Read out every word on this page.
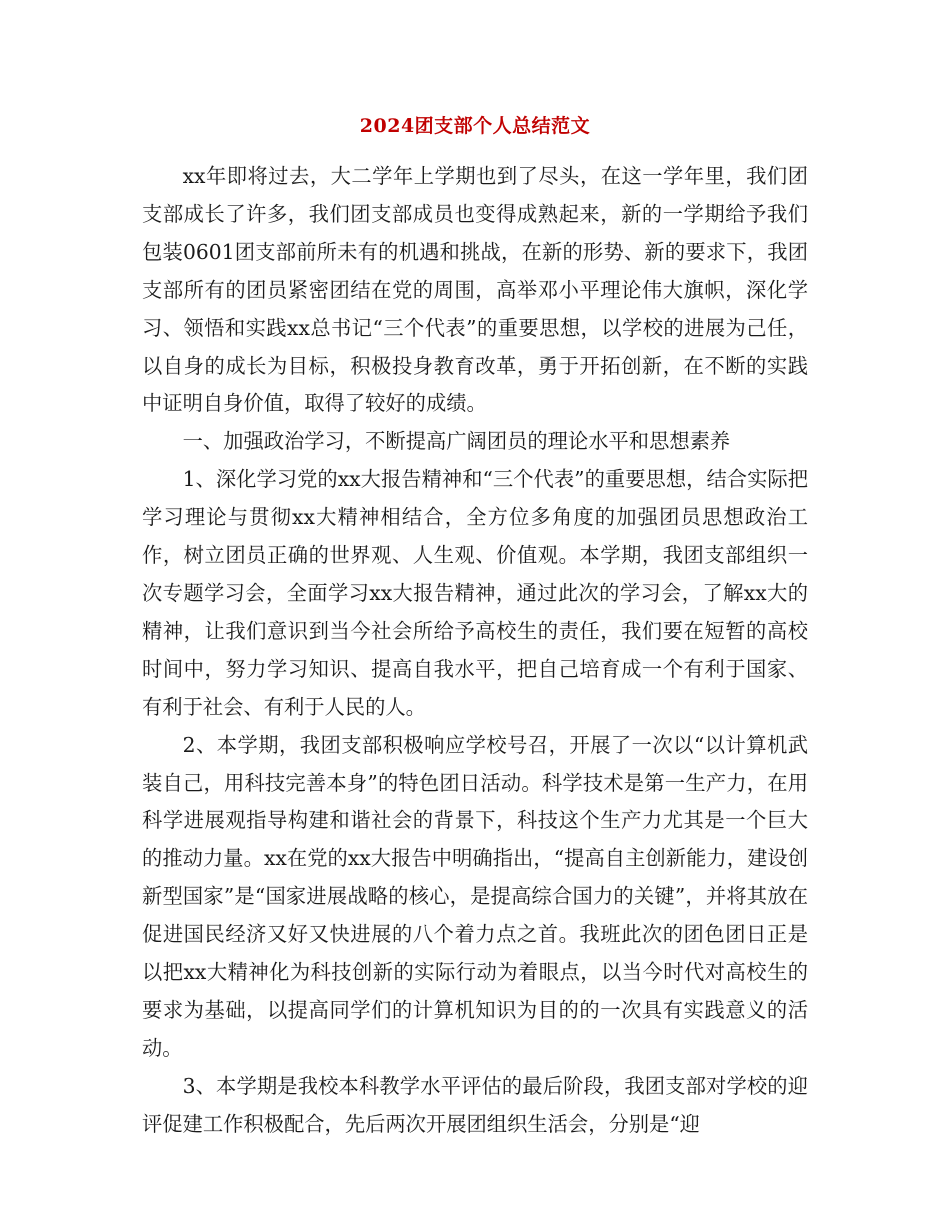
2024团支部个人总结范文

xx年即将过去，大二学年上学期也到了尽头，在这一学年里，我们团支部成长了许多，我们团支部成员也变得成熟起来，新的一学期给予我们包装0601团支部前所未有的机遇和挑战，在新的形势、新的要求下，我团支部所有的团员紧密团结在党的周围，高举邓小平理论伟大旗帜，深化学习、领悟和实践xx总书记“三个代表”的重要思想，以学校的进展为己任，以自身的成长为目标，积极投身教育改革，勇于开拓创新，在不断的实践中证明自身价值，取得了较好的成绩。

一、加强政治学习，不断提高广阔团员的理论水平和思想素养

1、深化学习党的xx大报告精神和“三个代表”的重要思想，结合实际把学习理论与贯彻xx大精神相结合，全方位多角度的加强团员思想政治工作，树立团员正确的世界观、人生观、价值观。本学期，我团支部组织一次专题学习会，全面学习xx大报告精神，通过此次的学习会，了解xx大的精神，让我们意识到当今社会所给予高校生的责任，我们要在短暂的高校时间中，努力学习知识、提高自我水平，把自己培育成一个有利于国家、有利于社会、有利于人民的人。

2、本学期，我团支部积极响应学校号召，开展了一次以“以计算机武装自己，用科技完善本身”的特色团日活动。科学技术是第一生产力，在用科学进展观指导构建和谐社会的背景下，科技这个生产力尤其是一个巨大的推动力量。xx在党的xx大报告中明确指出，“提高自主创新能力，建设创新型国家”是“国家进展战略的核心，是提高综合国力的关键”，并将其放在促进国民经济又好又快进展的八个着力点之首。我班此次的团色团日正是以把xx大精神化为科技创新的实际行动为着眼点，以当今时代对高校生的要求为基础，以提高同学们的计算机知识为目的的一次具有实践意义的活动。

3、本学期是我校本科教学水平评估的最后阶段，我团支部对学校的迎评促建工作积极配合，先后两次开展团组织生活会，分别是“迎
